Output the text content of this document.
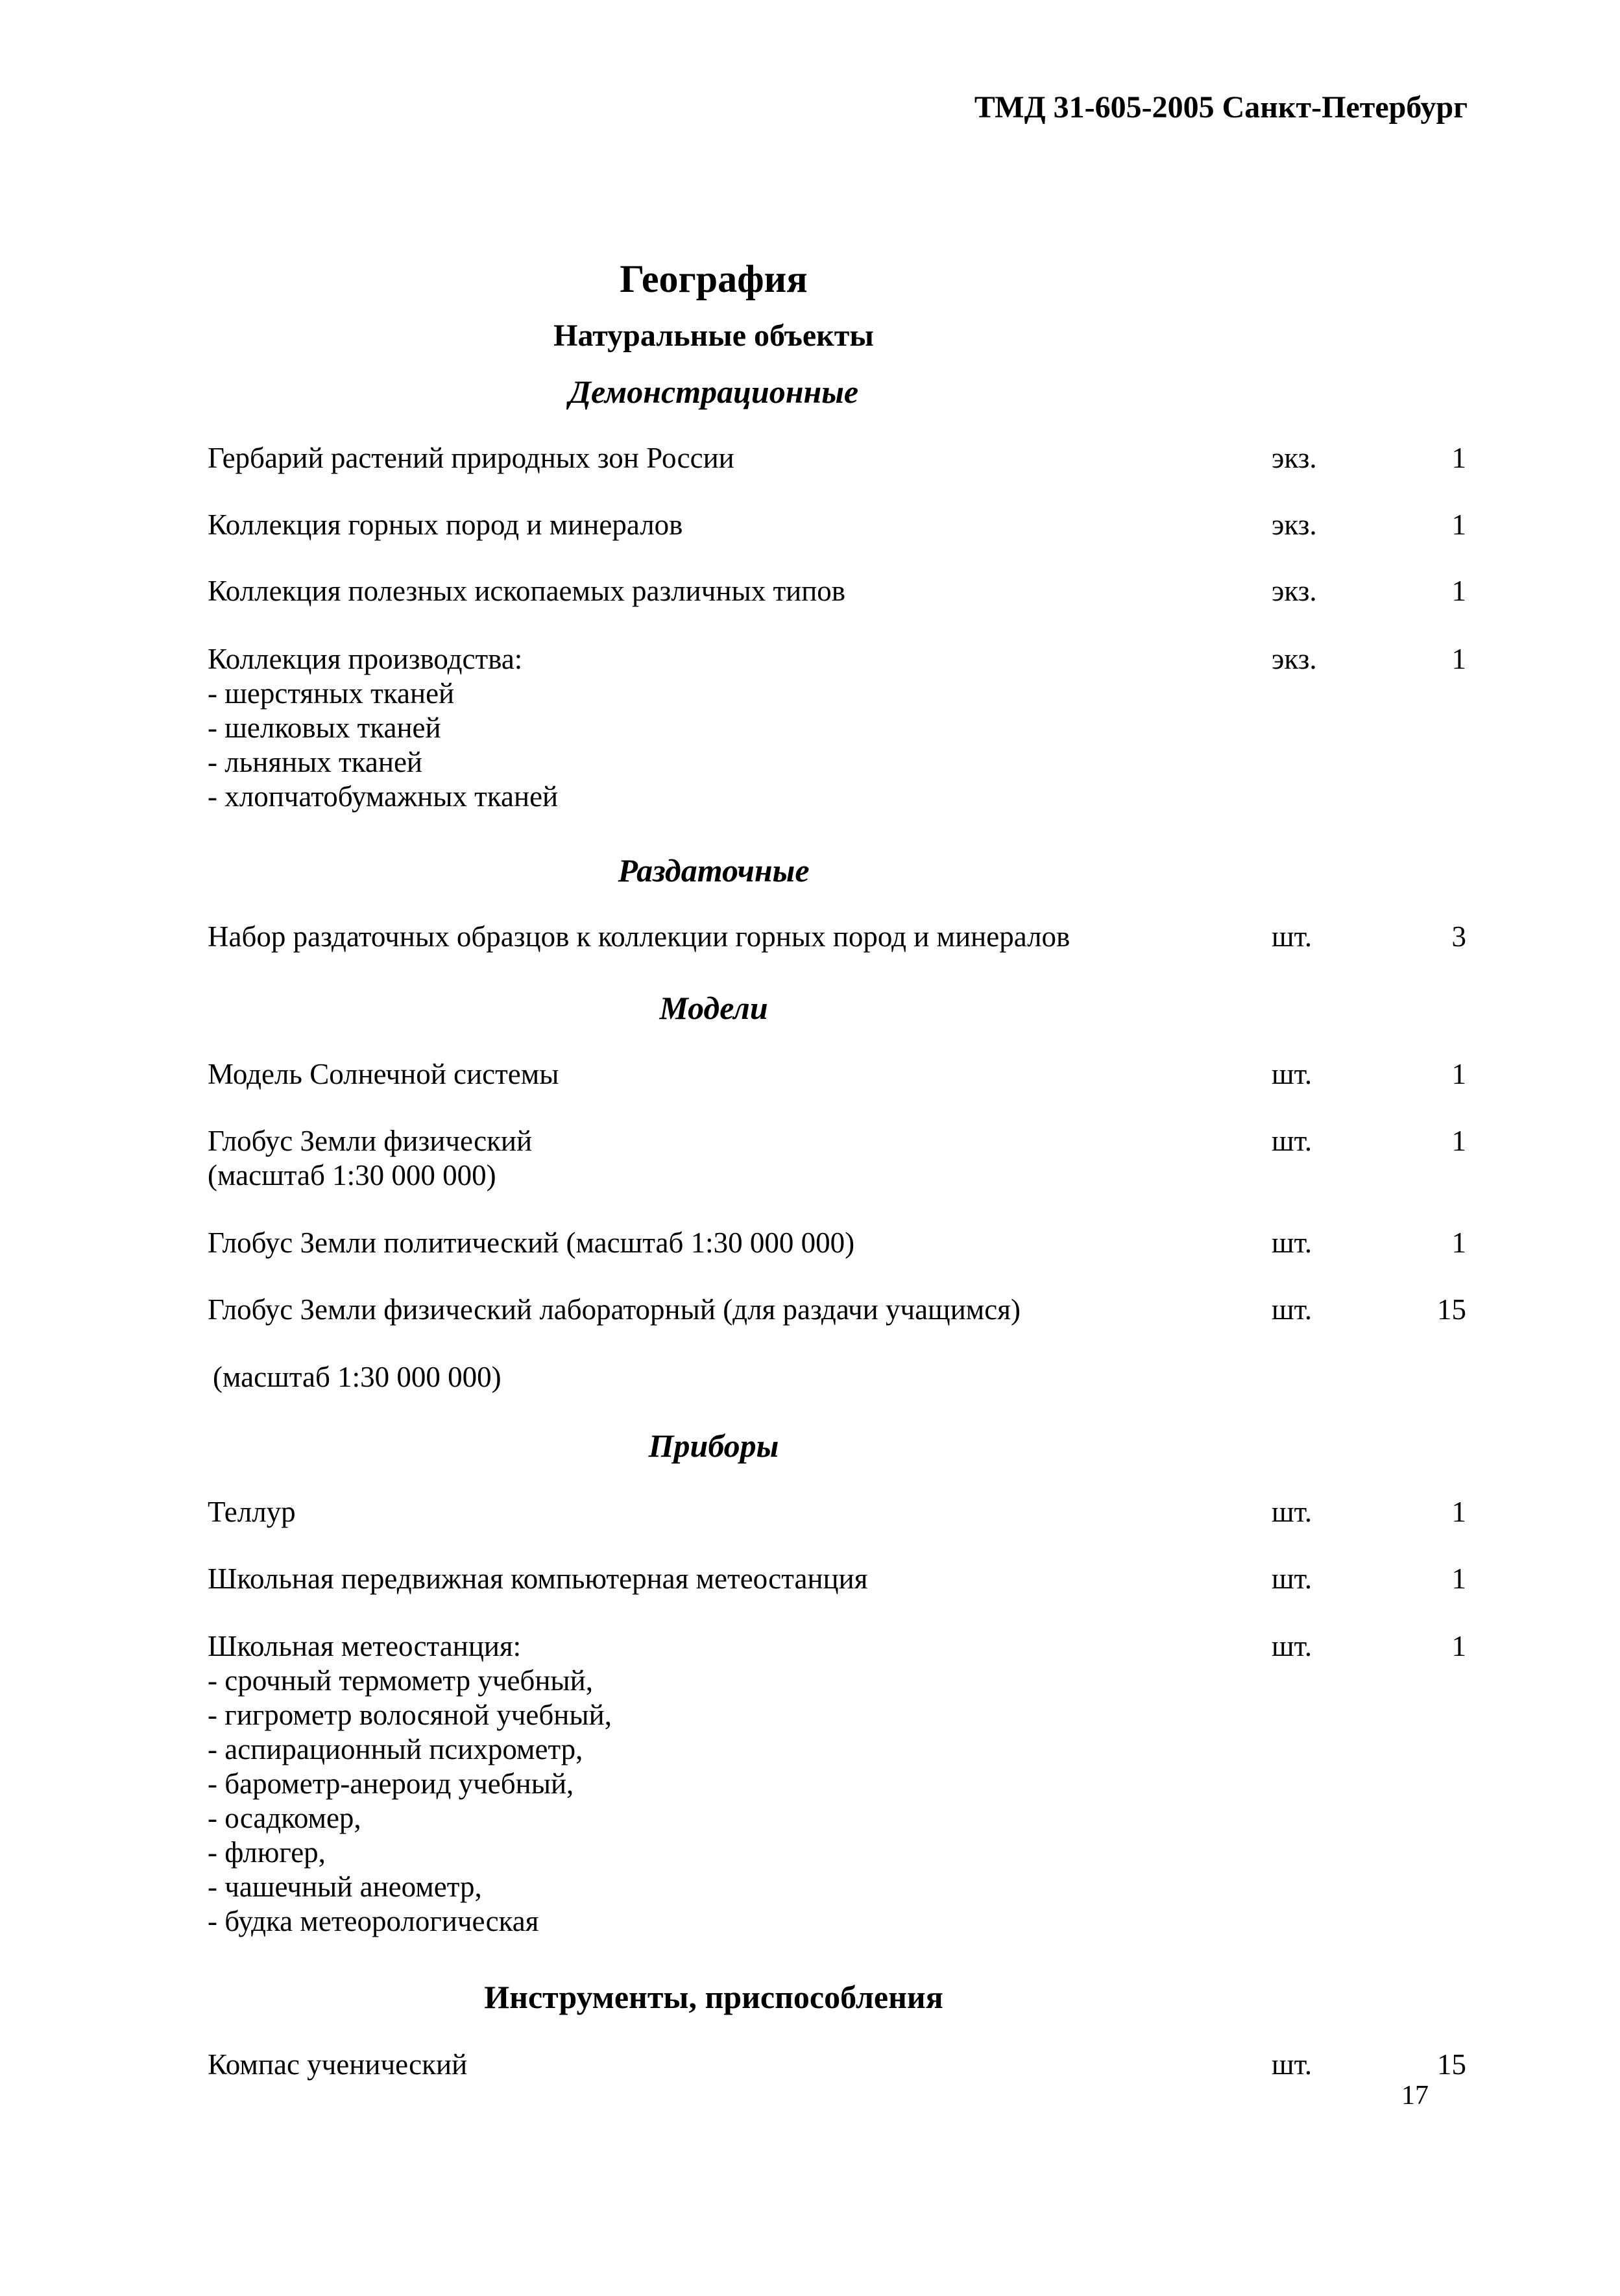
ТМД 31-605-2005 Санкт-Петербург
География
Натуральные объекты
Демонстрационные
Гербарий растений природных зон России	экз.	1
Коллекция горных пород и минералов	экз.	1
Коллекция полезных ископаемых различных типов	экз.	1
Коллекция производства:	экз.	1
- шерстяных тканей
- шелковых тканей
- льняных тканей
- хлопчатобумажных тканей
Раздаточные
Набор раздаточных образцов к коллекции горных пород и минералов	шт.	3
Модели
Модель Солнечной системы	шт.	1
Глобус Земли физический	шт.	1
(масштаб 1:30 000 000)
Глобус Земли политический (масштаб 1:30 000 000)	шт.	1
Глобус Земли физический лабораторный (для раздачи учащимся)	шт.	15
(масштаб 1:30 000 000)
Приборы
Теллур	шт.	1
Школьная передвижная компьютерная метеостанция	шт.	1
Школьная метеостанция:	шт.	1
- срочный термометр учебный,
- гигрометр волосяной учебный,
- аспирационный психрометр,
- барометр-анероид учебный,
- осадкомер,
- флюгер,
- чашечный анеометр,
- будка метеорологическая
Инструменты, приспособления
Компас ученический	шт.	15
17
